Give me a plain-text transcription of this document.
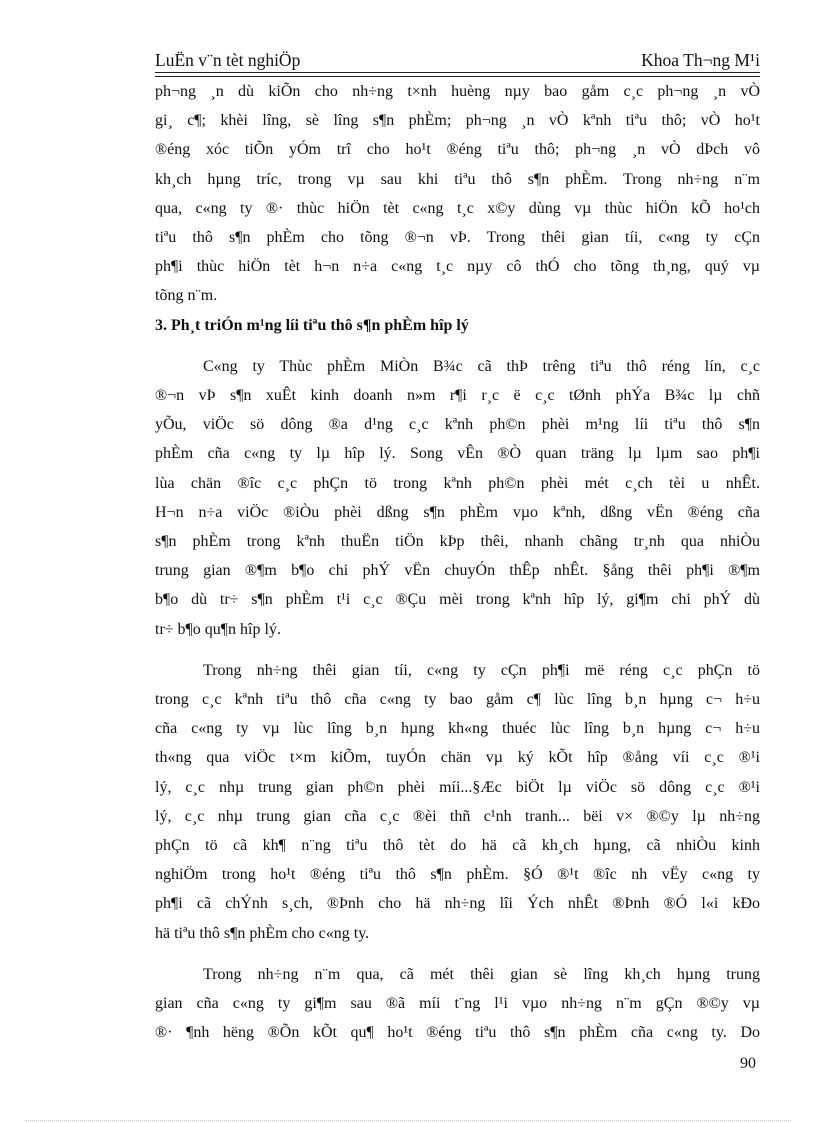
LuËn v¨n tèt nghiÖp	Khoa Th¬ng M¹i

ph¬ng ¸n dù kiÕn cho nh÷ng t×nh huèng nµy bao gåm c¸c ph¬ng ¸n vÒ

gi¸ c¶; khèi lîng, sè lîng s¶n phÈm; ph¬ng ¸n vÒ kªnh tiªu thô; vÒ ho¹t

®éng xóc tiÕn yÓm trî cho ho¹t ®éng tiªu thô; ph¬ng ¸n vÒ dÞch vô

kh¸ch hµng tríc, trong vµ sau khi tiªu thô s¶n phÈm. Trong nh÷ng n¨m

qua, c«ng ty ®· thùc hiÖn tèt c«ng t¸c x©y dùng vµ thùc hiÖn kÕ ho¹ch

tiªu thô s¶n phÈm cho tõng ®¬n vÞ. Trong thêi gian tíi, c«ng ty cÇn

ph¶i thùc hiÖn tèt h¬n n÷a c«ng t¸c nµy cô thÓ cho tõng th¸ng, quý vµ

tõng n¨m.

3. Ph¸t triÓn m¹ng líi tiªu thô s¶n phÈm hîp lý

C«ng ty Thùc phÈm MiÒn B¾c cã thÞ trêng tiªu thô réng lín, c¸c

®¬n vÞ s¶n xuÊt kinh doanh n»m r¶i r¸c ë c¸c tØnh phÝa B¾c lµ chñ

yÕu, viÖc sö dông ®a d¹ng c¸c kªnh ph©n phèi m¹ng líi tiªu thô s¶n

phÈm cña c«ng ty lµ hîp lý. Song vÊn ®Ò quan träng lµ lµm sao ph¶i

lùa chän ®îc c¸c phÇn tö trong kªnh ph©n phèi mét c¸ch tèi u nhÊt.

H¬n n÷a viÖc ®iÒu phèi dßng s¶n phÈm vµo kªnh, dßng vËn ®éng cña

s¶n phÈm trong kªnh thuËn tiÖn kÞp thêi, nhanh chãng tr¸nh qua nhiÒu

trung gian ®¶m b¶o chi phÝ vËn chuyÓn thÊp nhÊt. §ång thêi ph¶i ®¶m

b¶o dù tr÷ s¶n phÈm t¹i c¸c ®Çu mèi trong kªnh hîp lý, gi¶m chi phÝ dù

tr÷ b¶o qu¶n hîp lý.

Trong nh÷ng thêi gian tíi, c«ng ty cÇn ph¶i më réng c¸c phÇn tö

trong c¸c kªnh tiªu thô cña c«ng ty bao gåm c¶ lùc lîng b¸n hµng c¬ h÷u

cña c«ng ty vµ lùc lîng b¸n hµng kh«ng thuéc lùc lîng b¸n hµng c¬ h÷u

th«ng qua viÖc t×m kiÕm, tuyÓn chän vµ ký kÕt hîp ®ång víi c¸c ®¹i

lý, c¸c nhµ trung gian ph©n phèi míi...§Æc biÖt lµ viÖc sö dông c¸c ®¹i

lý, c¸c nhµ trung gian cña c¸c ®èi thñ c¹nh tranh... bëi v× ®©y lµ nh÷ng

phÇn tö cã kh¶ n¨ng tiªu thô tèt do hä cã kh¸ch hµng, cã nhiÒu kinh

nghiÖm trong ho¹t ®éng tiªu thô s¶n phÈm. §Ó ®¹t ®îc nh vËy c«ng ty

ph¶i cã chÝnh s¸ch, ®Þnh cho hä nh÷ng lîi Ých nhÊt ®Þnh ®Ó l«i kÐo

hä tiªu thô s¶n phÈm cho c«ng ty.

Trong nh÷ng n¨m qua, cã mét thêi gian sè lîng kh¸ch hµng trung

gian cña c«ng ty gi¶m sau ®ã míi t¨ng l¹i vµo nh÷ng n¨m gÇn ®©y vµ

®· ¶nh hëng ®Õn kÕt qu¶ ho¹t ®éng tiªu thô s¶n phÈm cña c«ng ty. Do

90
